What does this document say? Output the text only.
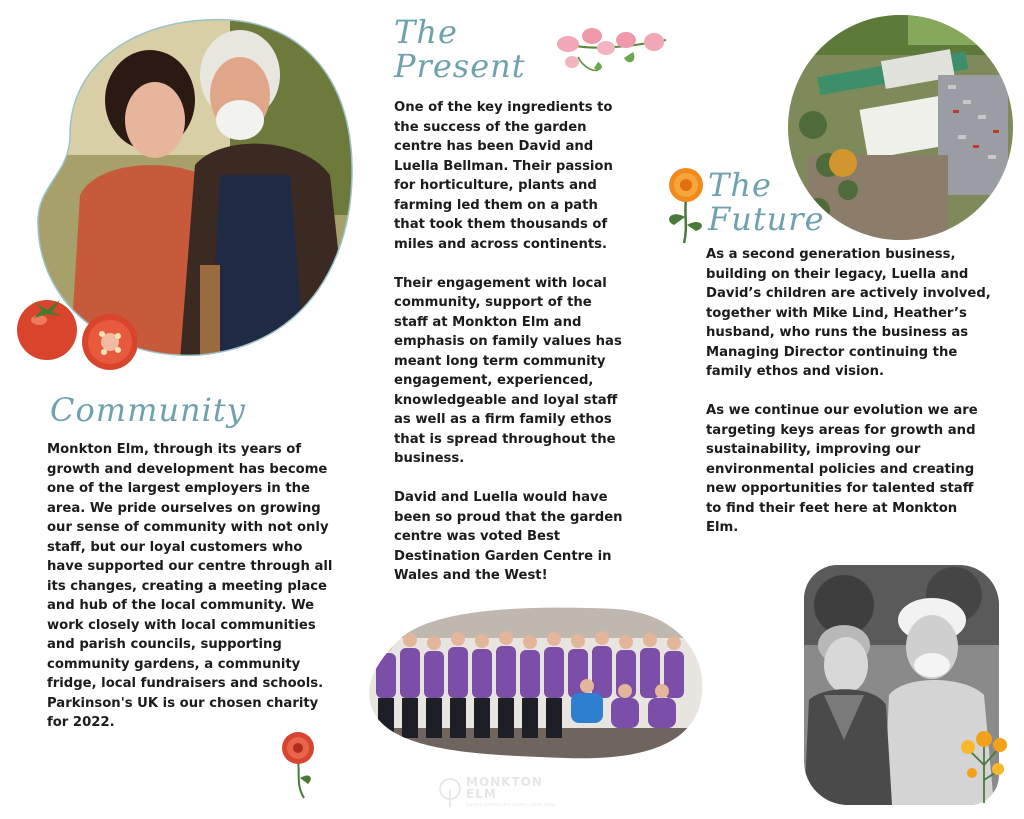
Community

Monkton Elm, through its years of growth and development has become one of the largest employers in the area. We pride ourselves on growing our sense of community with not only staff, but our loyal customers who have supported our centre through all its changes, creating a meeting place and hub of the local community. We work closely with local communities and parish councils, supporting community gardens, a community fridge, local fundraisers and schools. Parkinson's UK is our chosen charity for 2022.

The
Present

One of the key ingredients to the success of the garden centre has been David and Luella Bellman. Their passion for horticulture, plants and farming led them on a path that took them thousands of miles and across continents.

Their engagement with local community, support of the staff at Monkton Elm and emphasis on family values has meant long term community engagement, experienced, knowledgeable and loyal staff as well as a firm family ethos that is spread throughout the business.

David and Luella would have been so proud that the garden centre was voted Best Destination Garden Centre in Wales and the West!

MONKTON
ELM
Garden Centre | Pet Centre | Farm Shop
The
Future

As a second generation business, building on their legacy, Luella and David’s children are actively involved, together with Mike Lind, Heather’s husband, who runs the business as Managing Director continuing the family ethos and vision.

As we continue our evolution we are targeting keys areas for growth and sustainability, improving our environmental policies and creating new opportunities for talented staff to find their feet here at Monkton Elm.
